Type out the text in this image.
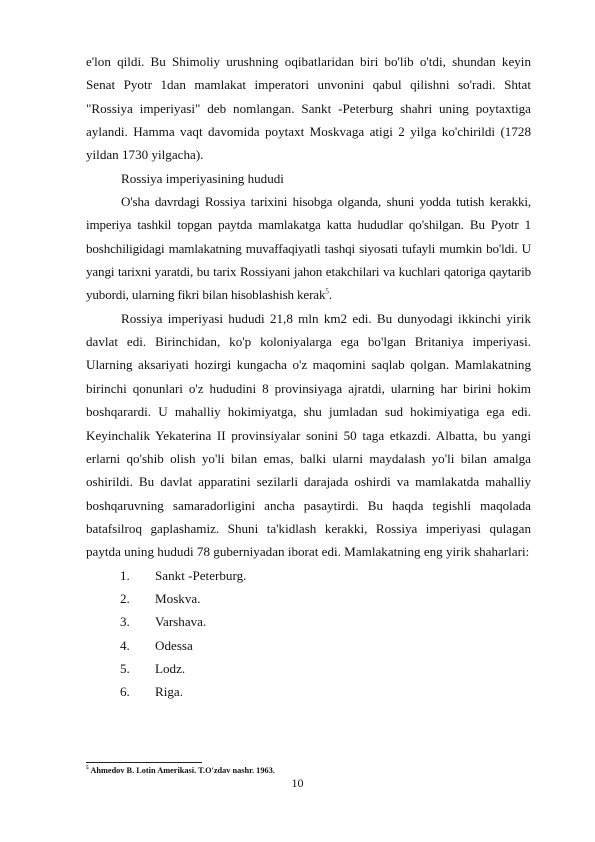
e'lon qildi. Bu Shimoliy urushning oqibatlaridan biri bo'lib o'tdi, shundan keyin Senat Pyotr 1dan mamlakat imperatori unvonini qabul qilishni so'radi. Shtat "Rossiya imperiyasi" deb nomlangan. Sankt -Peterburg shahri uning poytaxtiga aylandi. Hamma vaqt davomida poytaxt Moskvaga atigi 2 yilga ko'chirildi (1728 yildan 1730 yilgacha).

Rossiya imperiyasining hududi

O'sha davrdagi Rossiya tarixini hisobga olganda, shuni yodda tutish kerakki, imperiya tashkil topgan paytda mamlakatga katta hududlar qo'shilgan. Bu Pyotr 1 boshchiligidagi mamlakatning muvaffaqiyatli tashqi siyosati tufayli mumkin bo'ldi. U yangi tarixni yaratdi, bu tarix Rossiyani jahon etakchilari va kuchlari qatoriga qaytarib yubordi, ularning fikri bilan hisoblashish kerak$^5$.

Rossiya imperiyasi hududi 21,8 mln km2 edi. Bu dunyodagi ikkinchi yirik davlat edi. Birinchidan, ko'p koloniyalarga ega bo'lgan Britaniya imperiyasi. Ularning aksariyati hozirgi kungacha o'z maqomini saqlab qolgan. Mamlakatning birinchi qonunlari o'z hududini 8 provinsiyaga ajratdi, ularning har birini hokim boshqarardi. U mahalliy hokimiyatga, shu jumladan sud hokimiyatiga ega edi. Keyinchalik Yekaterina II provinsiyalar sonini 50 taga etkazdi. Albatta, bu yangi erlarni qo'shib olish yo'li bilan emas, balki ularni maydalash yo'li bilan amalga oshirildi. Bu davlat apparatini sezilarli darajada oshirdi va mamlakatda mahalliy boshqaruvning samaradorligini ancha pasaytirdi. Bu haqda tegishli maqolada batafsilroq gaplashamiz. Shuni ta'kidlash kerakki, Rossiya imperiyasi qulagan paytda uning hududi 78 guberniyadan iborat edi. Mamlakatning eng yirik shaharlari:

1. Sankt -Peterburg.
2. Moskva.
3. Varshava.
4. Odessa
5. Lodz.
6. Riga.
$^5$ Ahmedov B. Lotin Amerikasi. T.O'zdav nashr. 1963.
10
